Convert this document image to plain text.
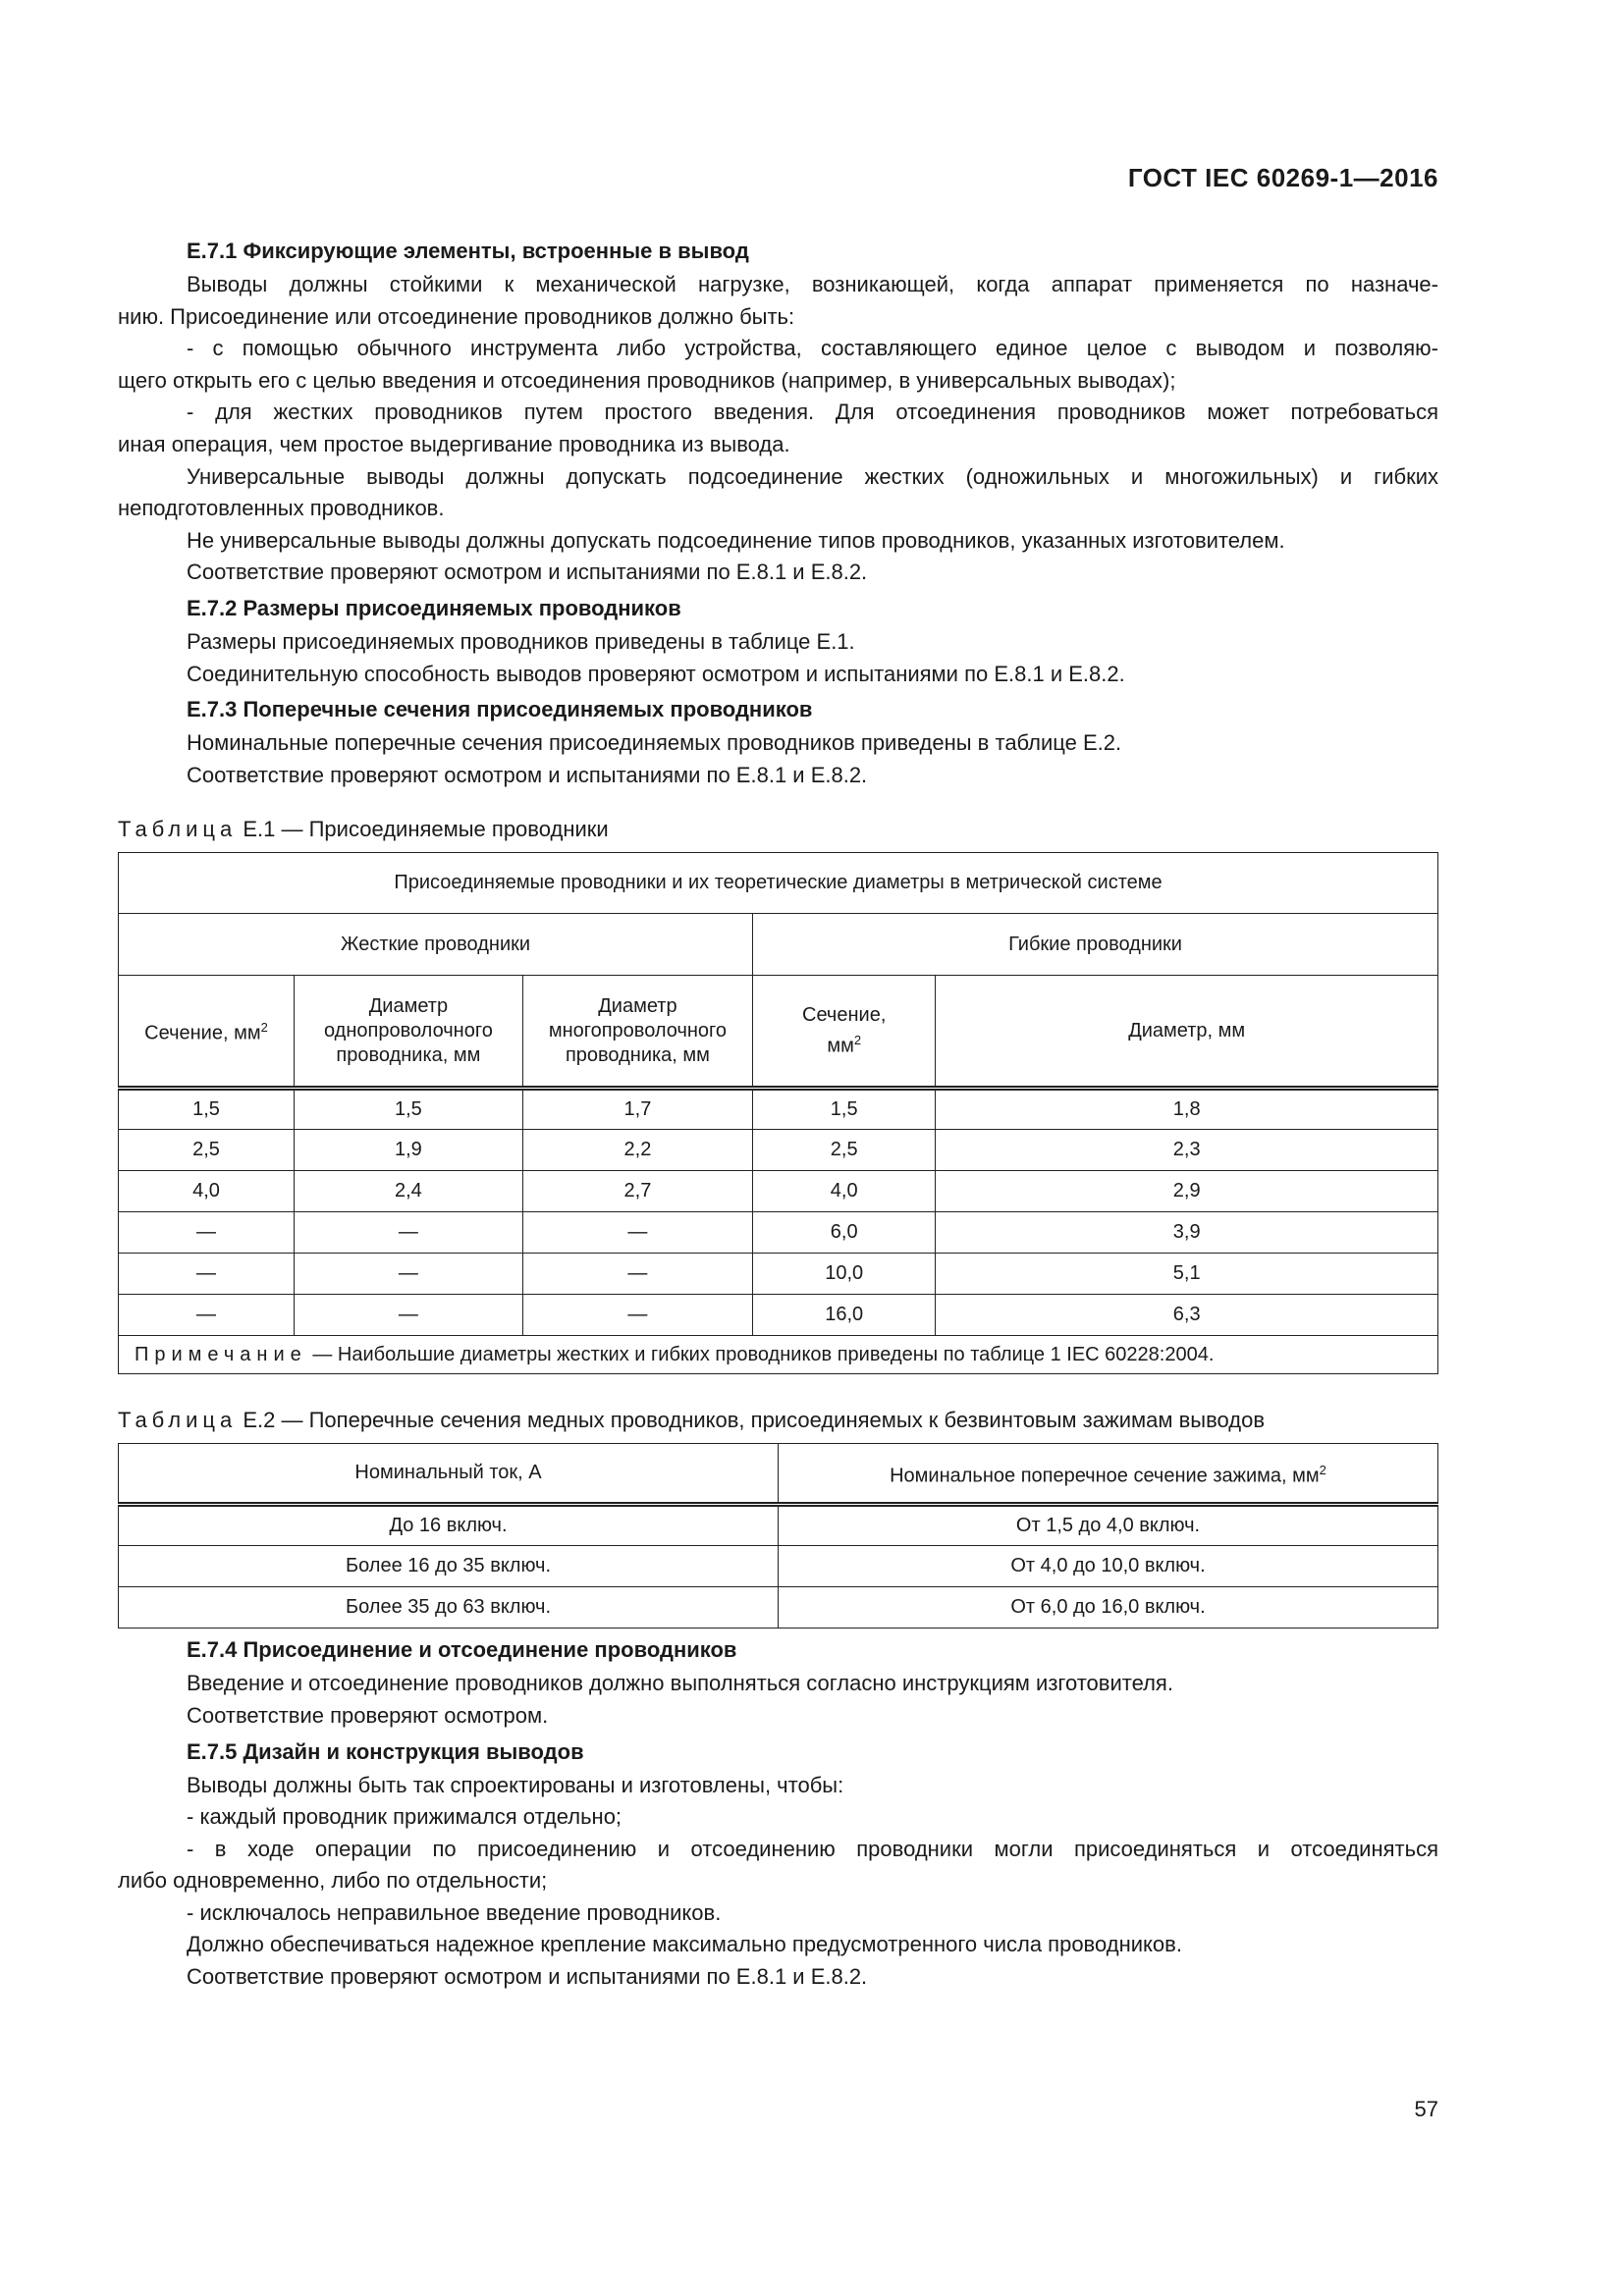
ГОСТ IEC 60269-1—2016
E.7.1 Фиксирующие элементы, встроенные в вывод
Выводы должны стойкими к механической нагрузке, возникающей, когда аппарат применяется по назначе-
нию. Присоединение или отсоединение проводников должно быть:
- с помощью обычного инструмента либо устройства, составляющего единое целое с выводом и позволяю-
щего открыть его с целью введения и отсоединения проводников (например, в универсальных выводах);
- для жестких проводников путем простого введения. Для отсоединения проводников может потребоваться
иная операция, чем простое выдергивание проводника из вывода.
Универсальные выводы должны допускать подсоединение жестких (одножильных и многожильных) и гибких
неподготовленных проводников.
Не универсальные выводы должны допускать подсоединение типов проводников, указанных изготовителем.
Соответствие проверяют осмотром и испытаниями по E.8.1 и E.8.2.
E.7.2 Размеры присоединяемых проводников
Размеры присоединяемых проводников приведены в таблице E.1.
Соединительную способность выводов проверяют осмотром и испытаниями по E.8.1 и E.8.2.
E.7.3 Поперечные сечения присоединяемых проводников
Номинальные поперечные сечения присоединяемых проводников приведены в таблице E.2.
Соответствие проверяют осмотром и испытаниями по E.8.1 и E.8.2.
Таблица E.1 — Присоединяемые проводники
Присоединяемые проводники и их теоретические диаметры в метрической системе				
Жесткие проводники			Гибкие проводники	
Сечение, $мм^2$	Диаметр однопроволочного проводника, мм	Диаметр многопроволочного проводника, мм	Сечение, $мм^2$	Диаметр, мм
1,5	1,5	1,7	1,5	1,8
2,5	1,9	2,2	2,5	2,3
4,0	2,4	2,7	4,0	2,9
—	—	—	6,0	3,9
—	—	—	10,0	5,1
—	—	—	16,0	6,3
Примечание — Наибольшие диаметры жестких и гибких проводников приведены по таблице 1 IEC 60228:2004.				
Таблица E.2 — Поперечные сечения медных проводников, присоединяемых к безвинтовым зажимам выводов
Номинальный ток, А	Номинальное поперечное сечение зажима, $мм^2$
До 16 включ.	От 1,5 до 4,0 включ.
Более 16 до 35 включ.	От 4,0 до 10,0 включ.
Более 35 до 63 включ.	От 6,0 до 16,0 включ.
E.7.4 Присоединение и отсоединение проводников
Введение и отсоединение проводников должно выполняться согласно инструкциям изготовителя.
Соответствие проверяют осмотром.
E.7.5 Дизайн и конструкция выводов
Выводы должны быть так спроектированы и изготовлены, чтобы:
- каждый проводник прижимался отдельно;
- в ходе операции по присоединению и отсоединению проводники могли присоединяться и отсоединяться
либо одновременно, либо по отдельности;
- исключалось неправильное введение проводников.
Должно обеспечиваться надежное крепление максимально предусмотренного числа проводников.
Соответствие проверяют осмотром и испытаниями по E.8.1 и E.8.2.
57
